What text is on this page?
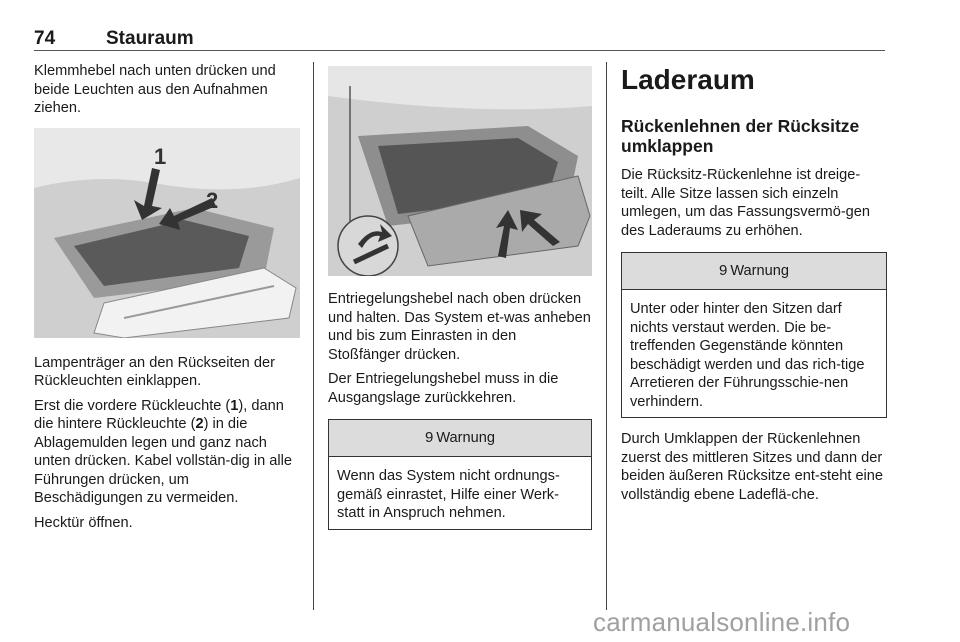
74	Stauraum

Klemmhebel nach unten drücken und beide Leuchten aus den Aufnahmen ziehen.

1
2

Lampenträger an den Rückseiten der Rückleuchten einklappen.

Erst die vordere Rückleuchte (1), dann die hintere Rückleuchte (2) in die Ablagemulden legen und ganz nach unten drücken. Kabel vollstän-dig in alle Führungen drücken, um Beschädigungen zu vermeiden.

Hecktür öffnen.

Entriegelungshebel nach oben drücken und halten. Das System et-was anheben und bis zum Einrasten in den Stoßfänger drücken.

Der Entriegelungshebel muss in die Ausgangslage zurückkehren.

9 Warnung
Wenn das System nicht ordnungs-gemäß einrastet, Hilfe einer Werk-statt in Anspruch nehmen.
Laderaum
Rückenlehnen der Rücksitze umklappen

Die Rücksitz-Rückenlehne ist dreige-teilt. Alle Sitze lassen sich einzeln umlegen, um das Fassungsvermö-gen des Laderaums zu erhöhen.

9 Warnung
Unter oder hinter den Sitzen darf nichts verstaut werden. Die be-treffenden Gegenstände könnten beschädigt werden und das rich-tige Arretieren der Führungsschie-nen verhindern.

Durch Umklappen der Rückenlehnen zuerst des mittleren Sitzes und dann der beiden äußeren Rücksitze ent-steht eine vollständig ebene Ladeflä-che.

carmanualsonline.info
